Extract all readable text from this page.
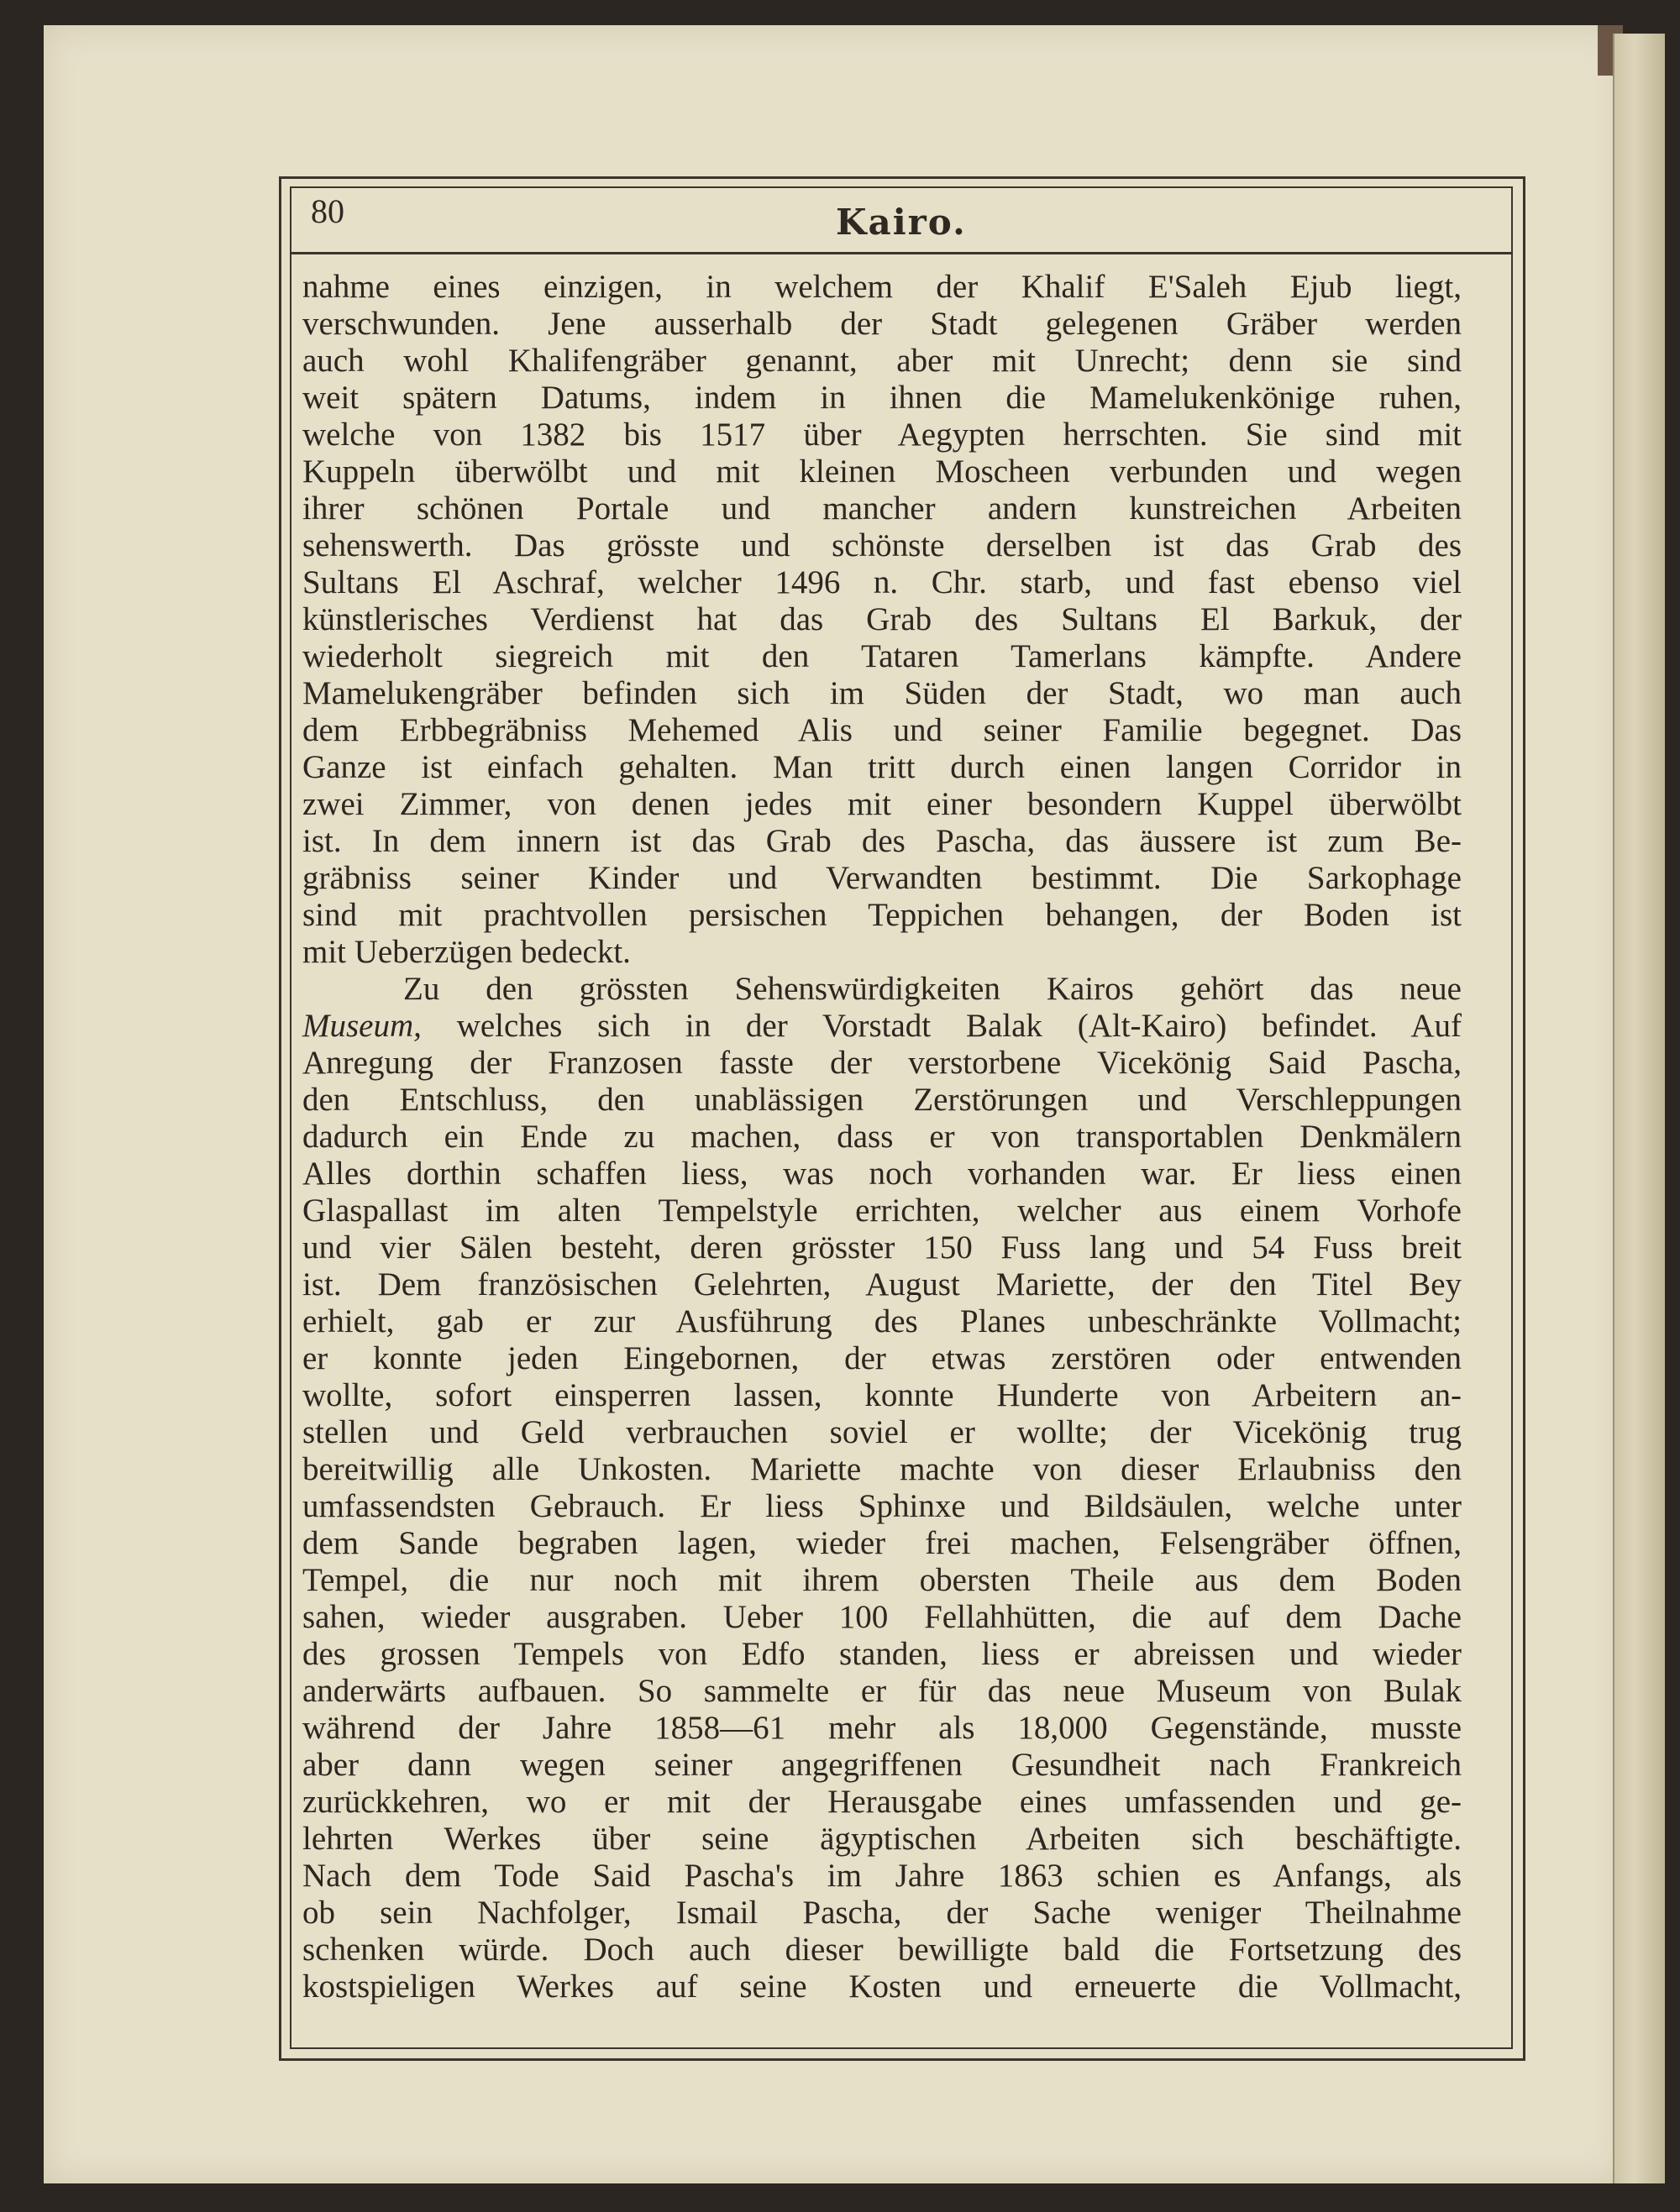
80	Kairo.
nahme eines einzigen, in welchem der Khalif E'Saleh Ejub liegt,
verschwunden. Jene ausserhalb der Stadt gelegenen Gräber werden
auch wohl Khalifengräber genannt, aber mit Unrecht; denn sie sind
weit spätern Datums, indem in ihnen die Mamelukenkönige ruhen,
welche von 1382 bis 1517 über Aegypten herrschten. Sie sind mit
Kuppeln überwölbt und mit kleinen Moscheen verbunden und wegen
ihrer schönen Portale und mancher andern kunstreichen Arbeiten
sehenswerth. Das grösste und schönste derselben ist das Grab des
Sultans El Aschraf, welcher 1496 n. Chr. starb, und fast ebenso viel
künstlerisches Verdienst hat das Grab des Sultans El Barkuk, der
wiederholt siegreich mit den Tataren Tamerlans kämpfte. Andere
Mamelukengräber befinden sich im Süden der Stadt, wo man auch
dem Erbbegräbniss Mehemed Alis und seiner Familie begegnet. Das
Ganze ist einfach gehalten. Man tritt durch einen langen Corridor in
zwei Zimmer, von denen jedes mit einer besondern Kuppel überwölbt
ist. In dem innern ist das Grab des Pascha, das äussere ist zum Be-
gräbniss seiner Kinder und Verwandten bestimmt. Die Sarkophage
sind mit prachtvollen persischen Teppichen behangen, der Boden ist
mit Ueberzügen bedeckt.
Zu den grössten Sehenswürdigkeiten Kairos gehört das neue
Museum, welches sich in der Vorstadt Balak (Alt-Kairo) befindet. Auf
Anregung der Franzosen fasste der verstorbene Vicekönig Said Pascha,
den Entschluss, den unablässigen Zerstörungen und Verschleppungen
dadurch ein Ende zu machen, dass er von transportablen Denkmälern
Alles dorthin schaffen liess, was noch vorhanden war. Er liess einen
Glaspallast im alten Tempelstyle errichten, welcher aus einem Vorhofe
und vier Sälen besteht, deren grösster 150 Fuss lang und 54 Fuss breit
ist. Dem französischen Gelehrten, August Mariette, der den Titel Bey
erhielt, gab er zur Ausführung des Planes unbeschränkte Vollmacht;
er konnte jeden Eingebornen, der etwas zerstören oder entwenden
wollte, sofort einsperren lassen, konnte Hunderte von Arbeitern an-
stellen und Geld verbrauchen soviel er wollte; der Vicekönig trug
bereitwillig alle Unkosten. Mariette machte von dieser Erlaubniss den
umfassendsten Gebrauch. Er liess Sphinxe und Bildsäulen, welche unter
dem Sande begraben lagen, wieder frei machen, Felsengräber öffnen,
Tempel, die nur noch mit ihrem obersten Theile aus dem Boden
sahen, wieder ausgraben. Ueber 100 Fellahhütten, die auf dem Dache
des grossen Tempels von Edfo standen, liess er abreissen und wieder
anderwärts aufbauen. So sammelte er für das neue Museum von Bulak
während der Jahre 1858—61 mehr als 18,000 Gegenstände, musste
aber dann wegen seiner angegriffenen Gesundheit nach Frankreich
zurückkehren, wo er mit der Herausgabe eines umfassenden und ge-
lehrten Werkes über seine ägyptischen Arbeiten sich beschäftigte.
Nach dem Tode Said Pascha's im Jahre 1863 schien es Anfangs, als
ob sein Nachfolger, Ismail Pascha, der Sache weniger Theilnahme
schenken würde. Doch auch dieser bewilligte bald die Fortsetzung des
kostspieligen Werkes auf seine Kosten und erneuerte die Vollmacht,
